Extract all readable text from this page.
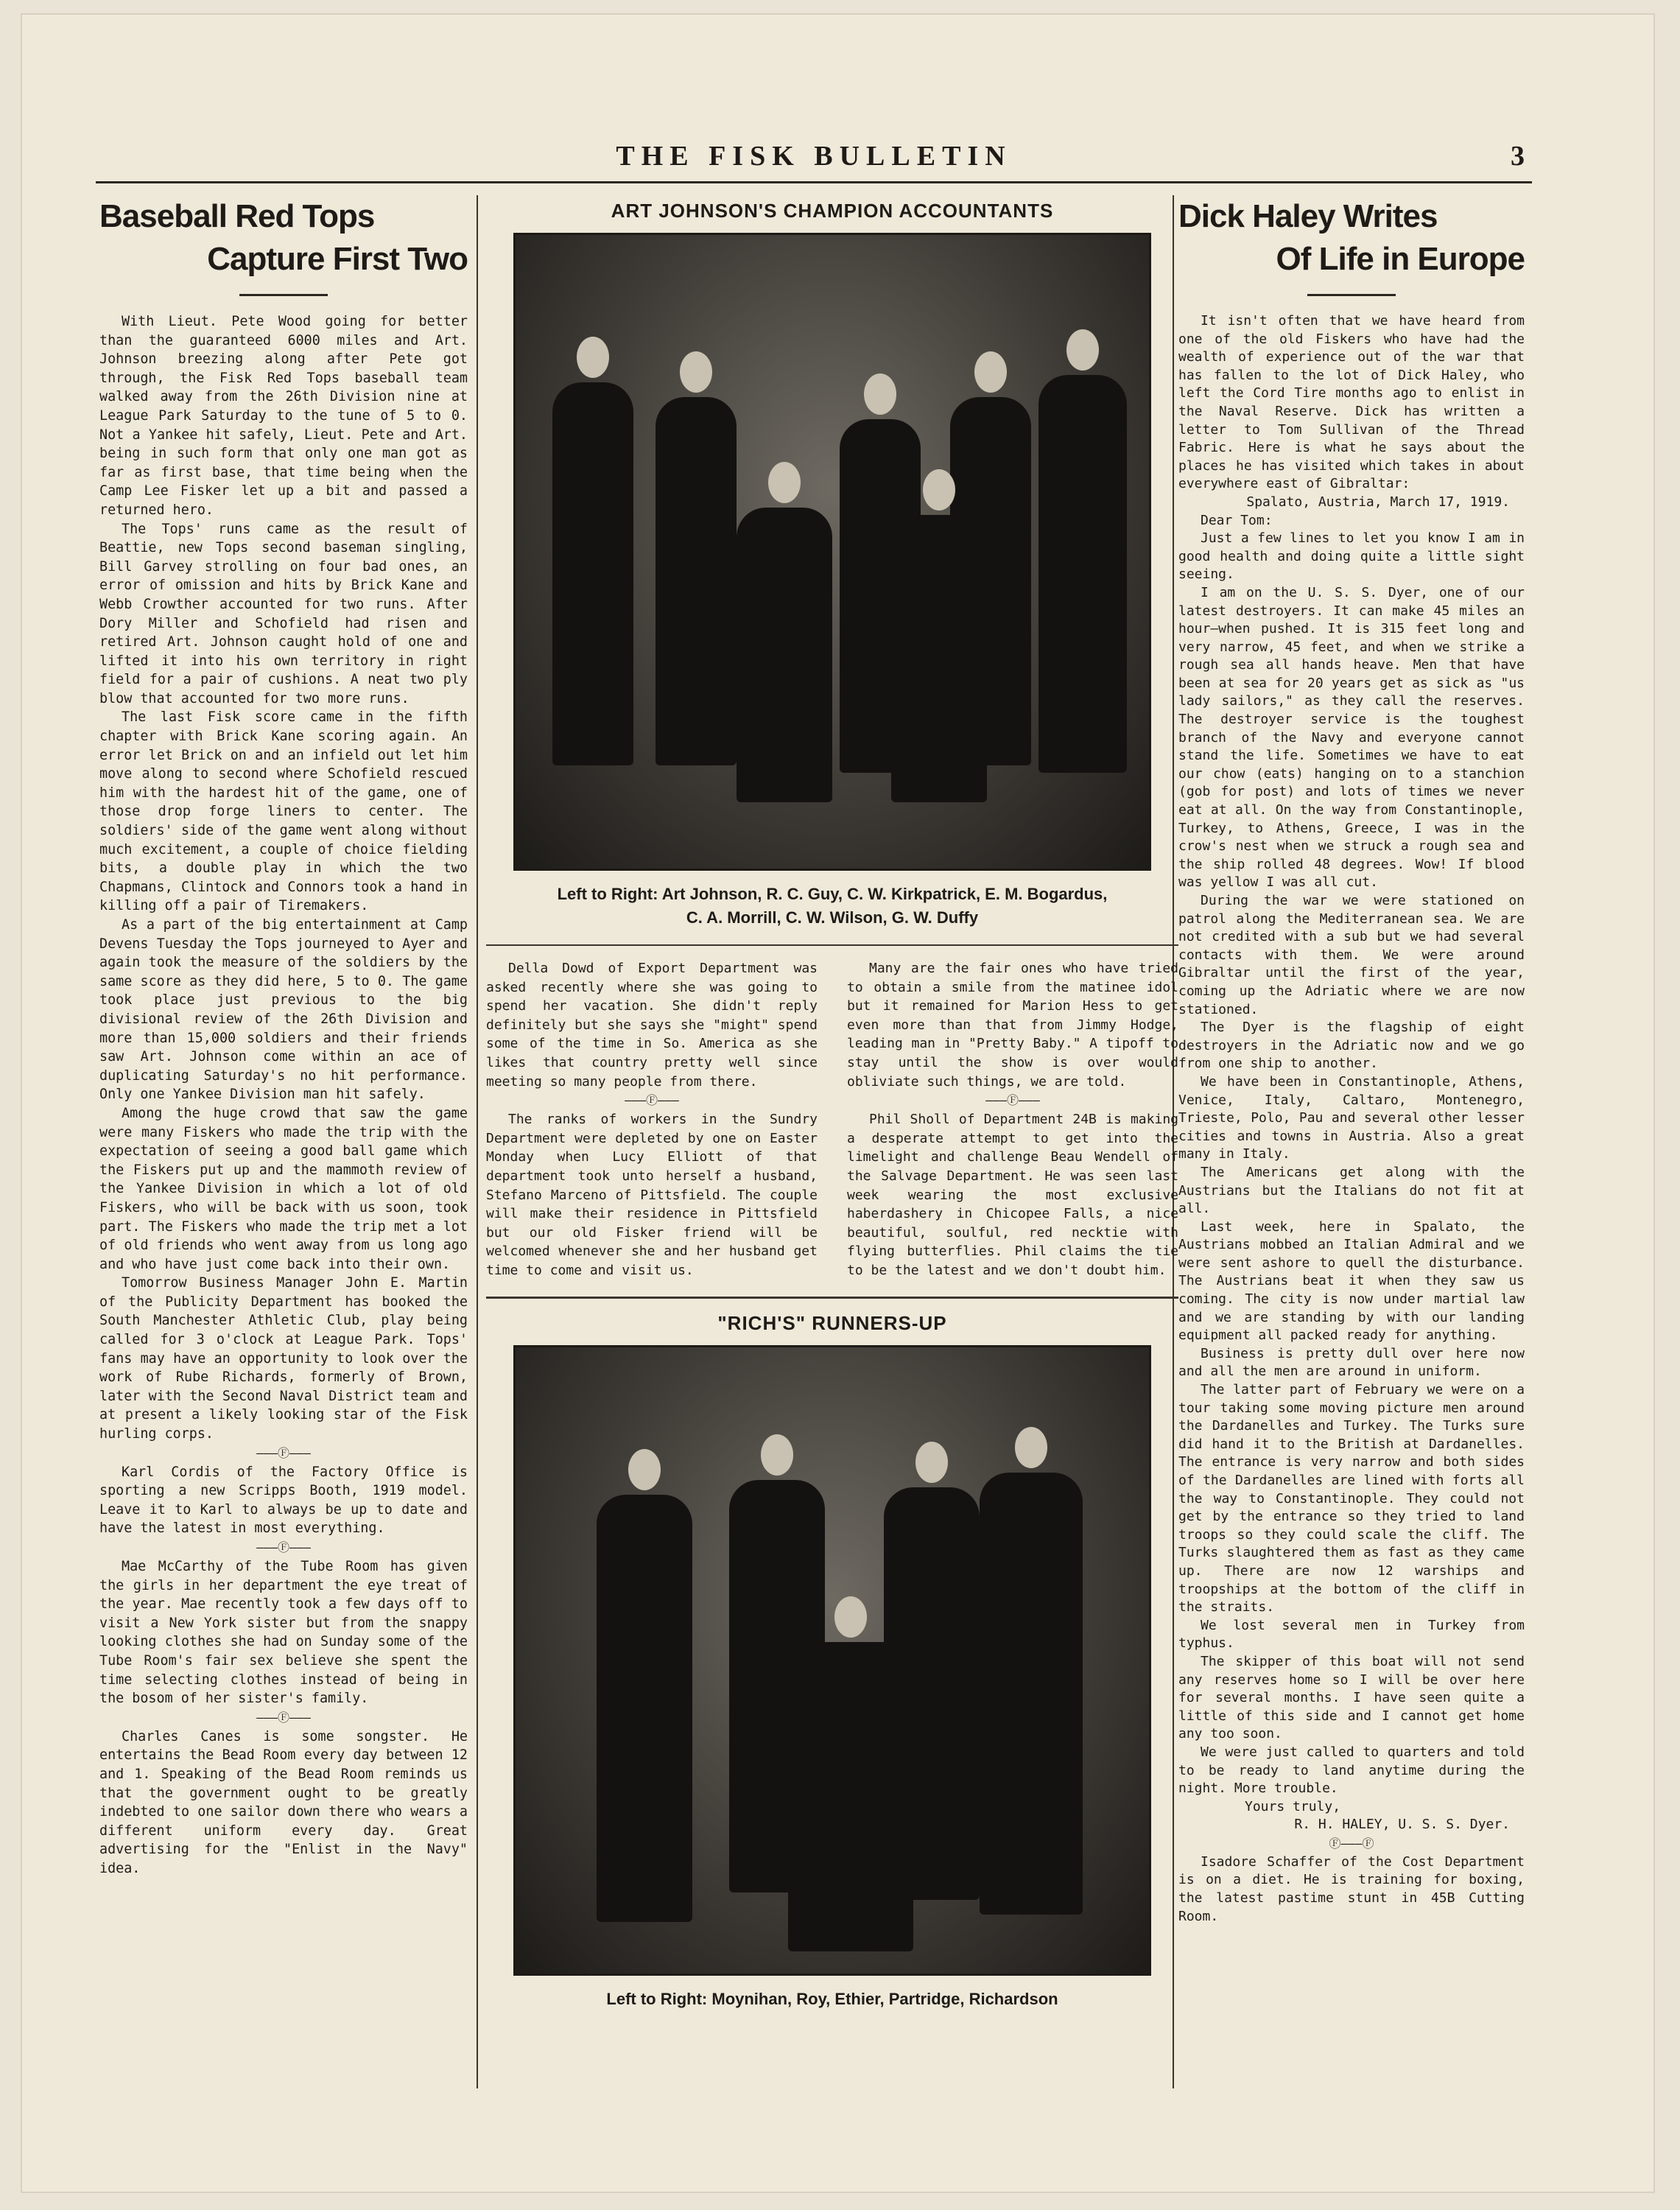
THE FISK BULLETIN	3
Baseball Red Tops
Capture First Two

With Lieut. Pete Wood going for better than the guaranteed 6000 miles and Art. Johnson breezing along after Pete got through, the Fisk Red Tops baseball team walked away from the 26th Division nine at League Park Saturday to the tune of 5 to 0. Not a Yankee hit safely, Lieut. Pete and Art. being in such form that only one man got as far as first base, that time being when the Camp Lee Fisker let up a bit and passed a returned hero.

The Tops' runs came as the result of Beattie, new Tops second baseman singling, Bill Garvey strolling on four bad ones, an error of omission and hits by Brick Kane and Webb Crowther accounted for two runs. After Dory Miller and Schofield had risen and retired Art. Johnson caught hold of one and lifted it into his own territory in right field for a pair of cushions. A neat two ply blow that accounted for two more runs.

The last Fisk score came in the fifth chapter with Brick Kane scoring again. An error let Brick on and an infield out let him move along to second where Schofield rescued him with the hardest hit of the game, one of those drop forge liners to center. The soldiers' side of the game went along without much excitement, a couple of choice fielding bits, a double play in which the two Chapmans, Clintock and Connors took a hand in killing off a pair of Tiremakers.

As a part of the big entertainment at Camp Devens Tuesday the Tops journeyed to Ayer and again took the measure of the soldiers by the same score as they did here, 5 to 0. The game took place just previous to the big divisional review of the 26th Division and more than 15,000 soldiers and their friends saw Art. Johnson come within an ace of duplicating Saturday's no hit performance. Only one Yankee Division man hit safely.

Among the huge crowd that saw the game were many Fiskers who made the trip with the expectation of seeing a good ball game which the Fiskers put up and the mammoth review of the Yankee Division in which a lot of old Fiskers, who will be back with us soon, took part. The Fiskers who made the trip met a lot of old friends who went away from us long ago and who have just come back into their own.

Tomorrow Business Manager John E. Martin of the Publicity Department has booked the South Manchester Athletic Club, play being called for 3 o'clock at League Park. Tops' fans may have an opportunity to look over the work of Rube Richards, formerly of Brown, later with the Second Naval District team and at present a likely looking star of the Fisk hurling corps.

———Ⓕ———

Karl Cordis of the Factory Office is sporting a new Scripps Booth, 1919 model. Leave it to Karl to always be up to date and have the latest in most everything.

———Ⓕ———

Mae McCarthy of the Tube Room has given the girls in her department the eye treat of the year. Mae recently took a few days off to visit a New York sister but from the snappy looking clothes she had on Sunday some of the Tube Room's fair sex believe she spent the time selecting clothes instead of being in the bosom of her sister's family.

———Ⓕ———

Charles Canes is some songster. He entertains the Bead Room every day between 12 and 1. Speaking of the Bead Room reminds us that the government ought to be greatly indebted to one sailor down there who wears a different uniform every day. Great advertising for the "Enlist in the Navy" idea.

ART JOHNSON'S CHAMPION ACCOUNTANTS
Left to Right: Art Johnson, R. C. Guy, C. W. Kirkpatrick, E. M. Bogardus,
C. A. Morrill, C. W. Wilson, G. W. Duffy

Della Dowd of Export Department was asked recently where she was going to spend her vacation. She didn't reply definitely but she says she "might" spend some of the time in So. America as she likes that country pretty well since meeting so many people from there.

———Ⓕ———

The ranks of workers in the Sundry Department were depleted by one on Easter Monday when Lucy Elliott of that department took unto herself a husband, Stefano Marceno of Pittsfield. The couple will make their residence in Pittsfield but our old Fisker friend will be welcomed whenever she and her husband get time to come and visit us.

Many are the fair ones who have tried to obtain a smile from the matinee idol but it remained for Marion Hess to get even more than that from Jimmy Hodge, leading man in "Pretty Baby." A tipoff to stay until the show is over would obliviate such things, we are told.

———Ⓕ———

Phil Sholl of Department 24B is making a desperate attempt to get into the limelight and challenge Beau Wendell of the Salvage Department. He was seen last week wearing the most exclusive haberdashery in Chicopee Falls, a nice beautiful, soulful, red necktie with flying butterflies. Phil claims the tie to be the latest and we don't doubt him.

"RICH'S" RUNNERS-UP
Left to Right: Moynihan, Roy, Ethier, Partridge, Richardson
Dick Haley Writes
Of Life in Europe

It isn't often that we have heard from one of the old Fiskers who have had the wealth of experience out of the war that has fallen to the lot of Dick Haley, who left the Cord Tire months ago to enlist in the Naval Reserve. Dick has written a letter to Tom Sullivan of the Thread Fabric. Here is what he says about the places he has visited which takes in about everywhere east of Gibraltar:

Spalato, Austria, March 17, 1919.

Dear Tom:

Just a few lines to let you know I am in good health and doing quite a little sight seeing.

I am on the U. S. S. Dyer, one of our latest destroyers. It can make 45 miles an hour—when pushed. It is 315 feet long and very narrow, 45 feet, and when we strike a rough sea all hands heave. Men that have been at sea for 20 years get as sick as "us lady sailors," as they call the reserves. The destroyer service is the toughest branch of the Navy and everyone cannot stand the life. Sometimes we have to eat our chow (eats) hanging on to a stanchion (gob for post) and lots of times we never eat at all. On the way from Constantinople, Turkey, to Athens, Greece, I was in the crow's nest when we struck a rough sea and the ship rolled 48 degrees. Wow! If blood was yellow I was all cut.

During the war we were stationed on patrol along the Mediterranean sea. We are not credited with a sub but we had several contacts with them. We were around Gibraltar until the first of the year, coming up the Adriatic where we are now stationed.

The Dyer is the flagship of eight destroyers in the Adriatic now and we go from one ship to another.

We have been in Constantinople, Athens, Venice, Italy, Caltaro, Montenegro, Trieste, Polo, Pau and several other lesser cities and towns in Austria. Also a great many in Italy.

The Americans get along with the Austrians but the Italians do not fit at all.

Last week, here in Spalato, the Austrians mobbed an Italian Admiral and we were sent ashore to quell the disturbance. The Austrians beat it when they saw us coming. The city is now under martial law and we are standing by with our landing equipment all packed ready for anything.

Business is pretty dull over here now and all the men are around in uniform.

The latter part of February we were on a tour taking some moving picture men around the Dardanelles and Turkey. The Turks sure did hand it to the British at Dardanelles. The entrance is very narrow and both sides of the Dardanelles are lined with forts all the way to Constantinople. They could not get by the entrance so they tried to land troops so they could scale the cliff. The Turks slaughtered them as fast as they came up. There are now 12 warships and troopships at the bottom of the cliff in the straits.

We lost several men in Turkey from typhus.

The skipper of this boat will not send any reserves home so I will be over here for several months. I have seen quite a little of this side and I cannot get home any too soon.

We were just called to quarters and told to be ready to land anytime during the night. More trouble.

Yours truly,

R. H. HALEY, U. S. S. Dyer.

Ⓕ———Ⓕ

Isadore Schaffer of the Cost Department is on a diet. He is training for boxing, the latest pastime stunt in 45B Cutting Room.
